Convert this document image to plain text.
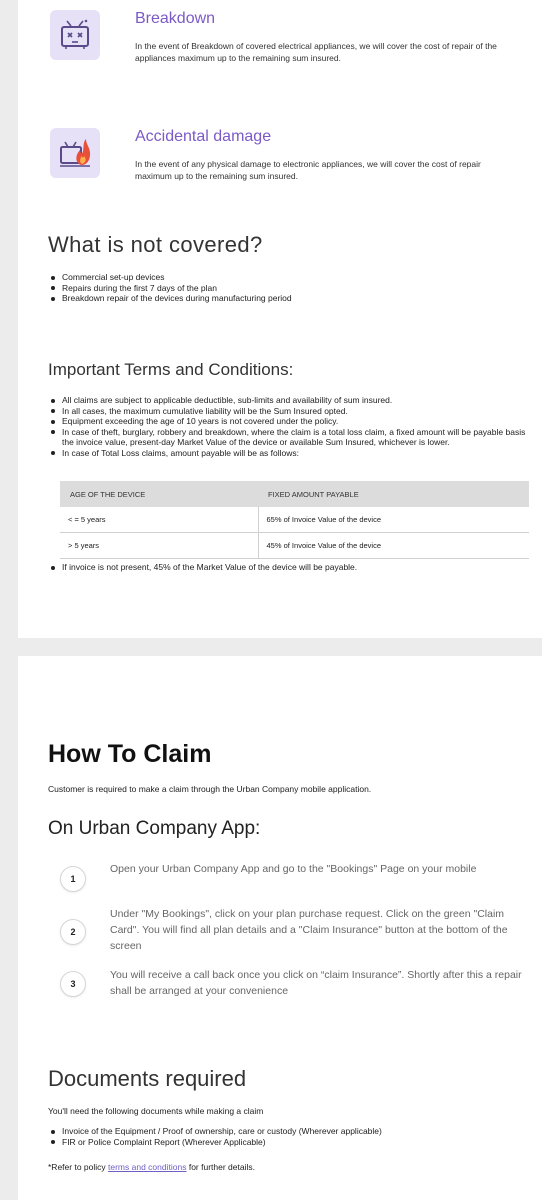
Breakdown
In the event of Breakdown of covered electrical appliances, we will cover the cost of repair of the appliances maximum up to the remaining sum insured.
Accidental damage
In the event of any physical damage to electronic appliances, we will cover the cost of repair maximum up to the remaining sum insured.
What is not covered?
Commercial set-up devices
Repairs during the first 7 days of the plan
Breakdown repair of the devices during manufacturing period
Important Terms and Conditions:
All claims are subject to applicable deductible, sub-limits and availability of sum insured.
In all cases, the maximum cumulative liability will be the Sum Insured opted.
Equipment exceeding the age of 10 years is not covered under the policy.
In case of theft, burglary, robbery and breakdown, where the claim is a total loss claim, a fixed amount will be payable basis the invoice value, present-day Market Value of the device or available Sum Insured, whichever is lower.
In case of Total Loss claims, amount payable will be as follows:
AGE OF THE DEVICE	FIXED AMOUNT PAYABLE
< = 5 years	65% of Invoice Value of the device
> 5 years	45% of Invoice Value of the device
If invoice is not present, 45% of the Market Value of the device will be payable.
How To Claim
Customer is required to make a claim through the Urban Company mobile application.
On Urban Company App:
1
Open your Urban Company App and go to the "Bookings" Page on your mobile
2
Under "My Bookings", click on your plan purchase request. Click on the green "Claim Card". You will find all plan details and a "Claim Insurance" button at the bottom of the screen
3
You will receive a call back once you click on “claim Insurance”. Shortly after this a repair shall be arranged at your convenience
Documents required
You'll need the following documents while making a claim
Invoice of the Equipment / Proof of ownership, care or custody (Wherever applicable)
FIR or Police Complaint Report (Wherever Applicable)
*Refer to policy terms and conditions for further details.
